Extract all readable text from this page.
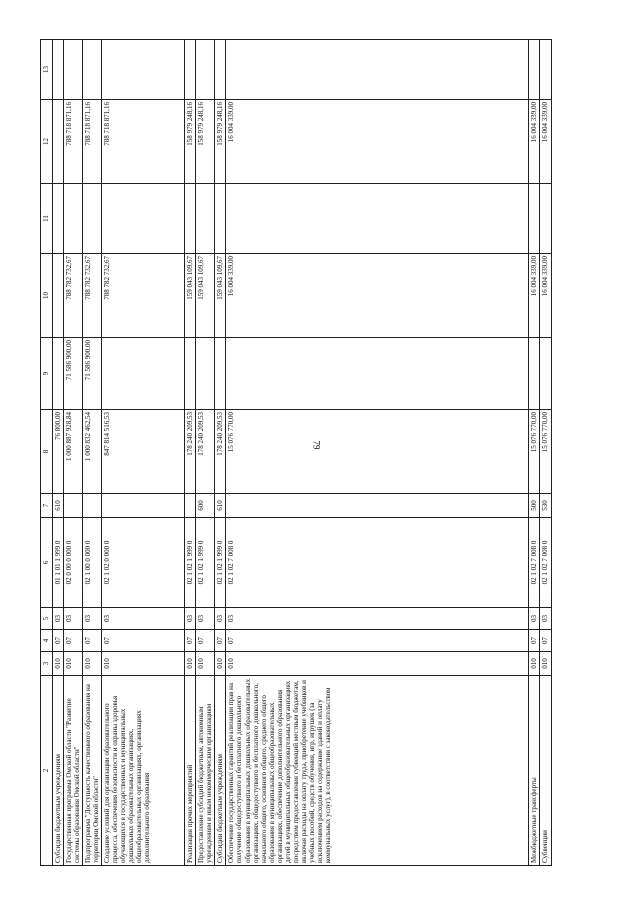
79
2	3	4	5	6	7	8	9	10	11	12	13
Субсидии бюджетным учреждениям	010	07	03	01 1 01 1 999 0	610	76 800,00					
Государственная программа Омской области "Развитие системы образования Омской области"	010	07	03	02 0 00 0 000 0		1 000 887 928,84	71 586 900,00	788 782 732,67		788 718 871,16	
Подпрограмма "Доступность качественного образования на территории Омской области"	010	07	03	02 1 00 0 000 0		1 000 832 462,54	71 586 900,00	788 782 732,67		788 718 871,16	
Создание условий для организации образовательного процесса, обеспечения безопасности и охраны здоровья обучающихся в государственных и муниципальных дошкольных образовательных организациях, общеобразовательных организациях, организациях дополнительного образования	010	07	03	02 1 02 0 000 0		847 814 516,53		788 782 732,67		788 718 871,16	
Реализация прочих мероприятий	010	07	03	02 1 02 1 999 0		178 240 209,53		159 043 109,67		158 979 248,16	
Предоставление субсидий бюджетным, автономным учреждениям и иным некоммерческим организациям	010	07	03	02 1 02 1 999 0	600	178 240 209,53		159 043 109,67		158 979 248,16	
Субсидии бюджетным учреждениям	010	07	03	02 1 02 1 999 0	610	178 240 209,53		159 043 109,67		158 979 248,16	
Обеспечение государственных гарантий реализации прав на получение общедоступного и бесплатного дошкольного образования в муниципальных дошкольных образовательных организациях, общедоступного и бесплатного дошкольного, начального общего, основного общего, среднего общего образования в муниципальных общеобразовательных организациях, обеспечение дополнительного образования детей в муниципальных общеобразовательных организациях посредством предоставления субвенций местным бюджетам, включая расходы на оплату труда, приобретение учебников и учебных пособий, средств обучения, игр, игрушек (за исключением расходов на содержание зданий и оплату коммунальных услуг), в соответствии с законодательством	010	07	03	02 1 02 7 008 0		15 076 770,00		16 004 339,00		16 004 339,00	
Межбюджетные трансферты	010	07	03	02 1 02 7 008 0	500	15 076 770,00		16 004 339,00		16 004 339,00	
Субвенции	010	07	03	02 1 02 7 008 0	530	15 076 770,00		16 004 339,00		16 004 339,00	
